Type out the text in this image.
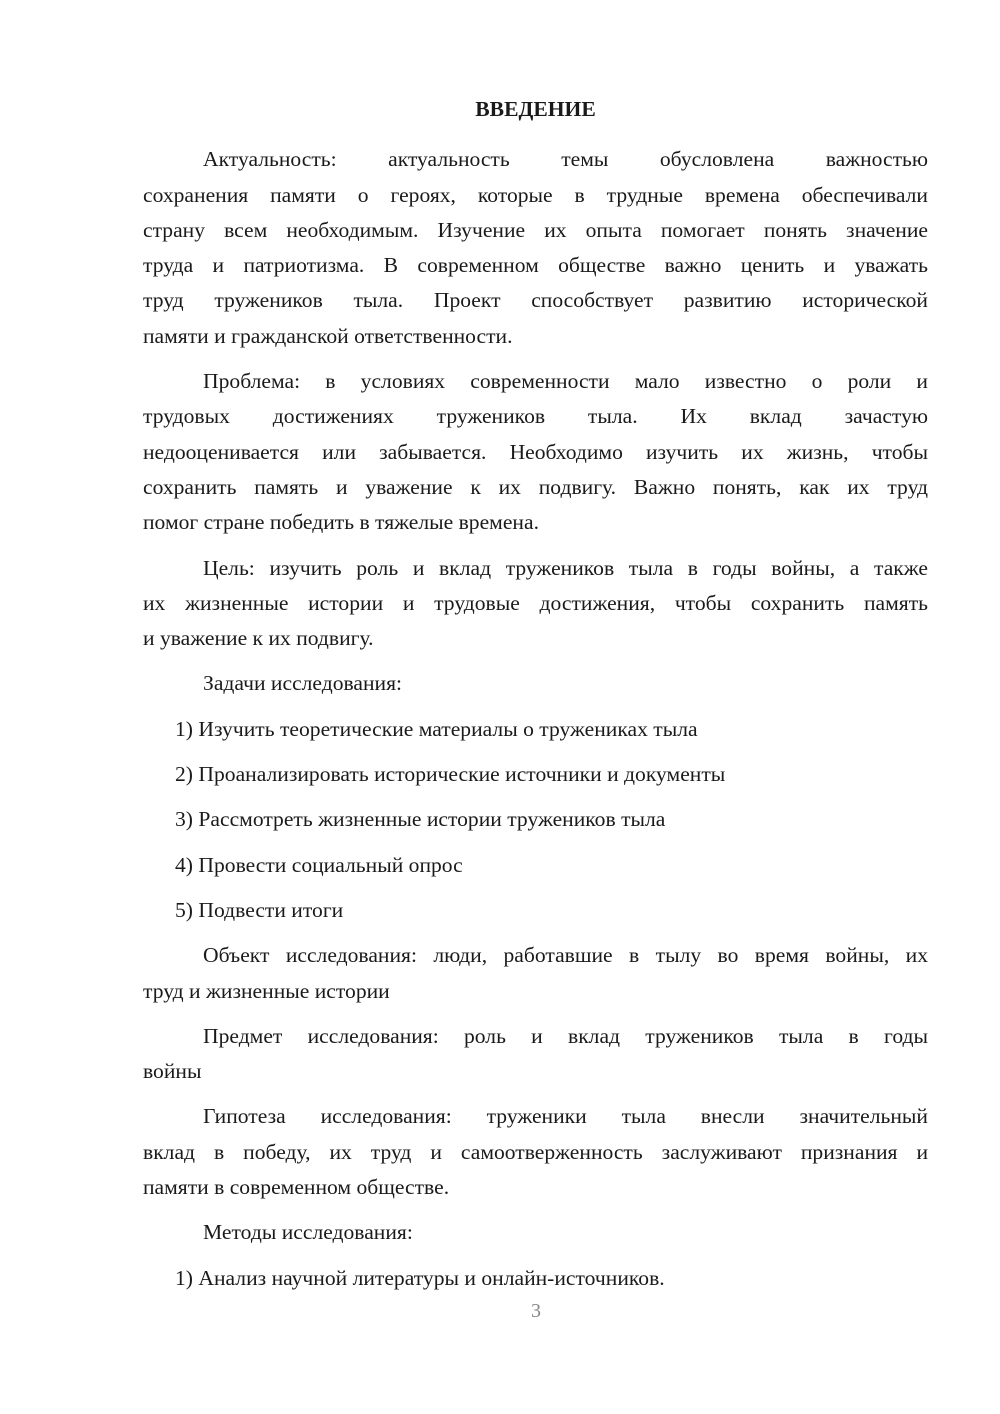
ВВЕДЕНИЕ
Актуальность: актуальность темы обусловлена важностью
сохранения памяти о героях, которые в трудные времена обеспечивали
страну всем необходимым. Изучение их опыта помогает понять значение
труда и патриотизма. В современном обществе важно ценить и уважать
труд тружеников тыла. Проект способствует развитию исторической
памяти и гражданской ответственности.
Проблема: в условиях современности мало известно о роли и
трудовых достижениях тружеников тыла. Их вклад зачастую
недооценивается или забывается. Необходимо изучить их жизнь, чтобы
сохранить память и уважение к их подвигу. Важно понять, как их труд
помог стране победить в тяжелые времена.
Цель: изучить роль и вклад тружеников тыла в годы войны, а также
их жизненные истории и трудовые достижения, чтобы сохранить память
и уважение к их подвигу.
Задачи исследования:
1) Изучить теоретические материалы о тружениках тыла
2) Проанализировать исторические источники и документы
3) Рассмотреть жизненные истории тружеников тыла
4) Провести социальный опрос
5) Подвести итоги
Объект исследования: люди, работавшие в тылу во время войны, их
труд и жизненные истории
Предмет исследования: роль и вклад тружеников тыла в годы
войны
Гипотеза исследования: труженики тыла внесли значительный
вклад в победу, их труд и самоотверженность заслуживают признания и
памяти в современном обществе.
Методы исследования:
1) Анализ научной литературы и онлайн-источников.
3
